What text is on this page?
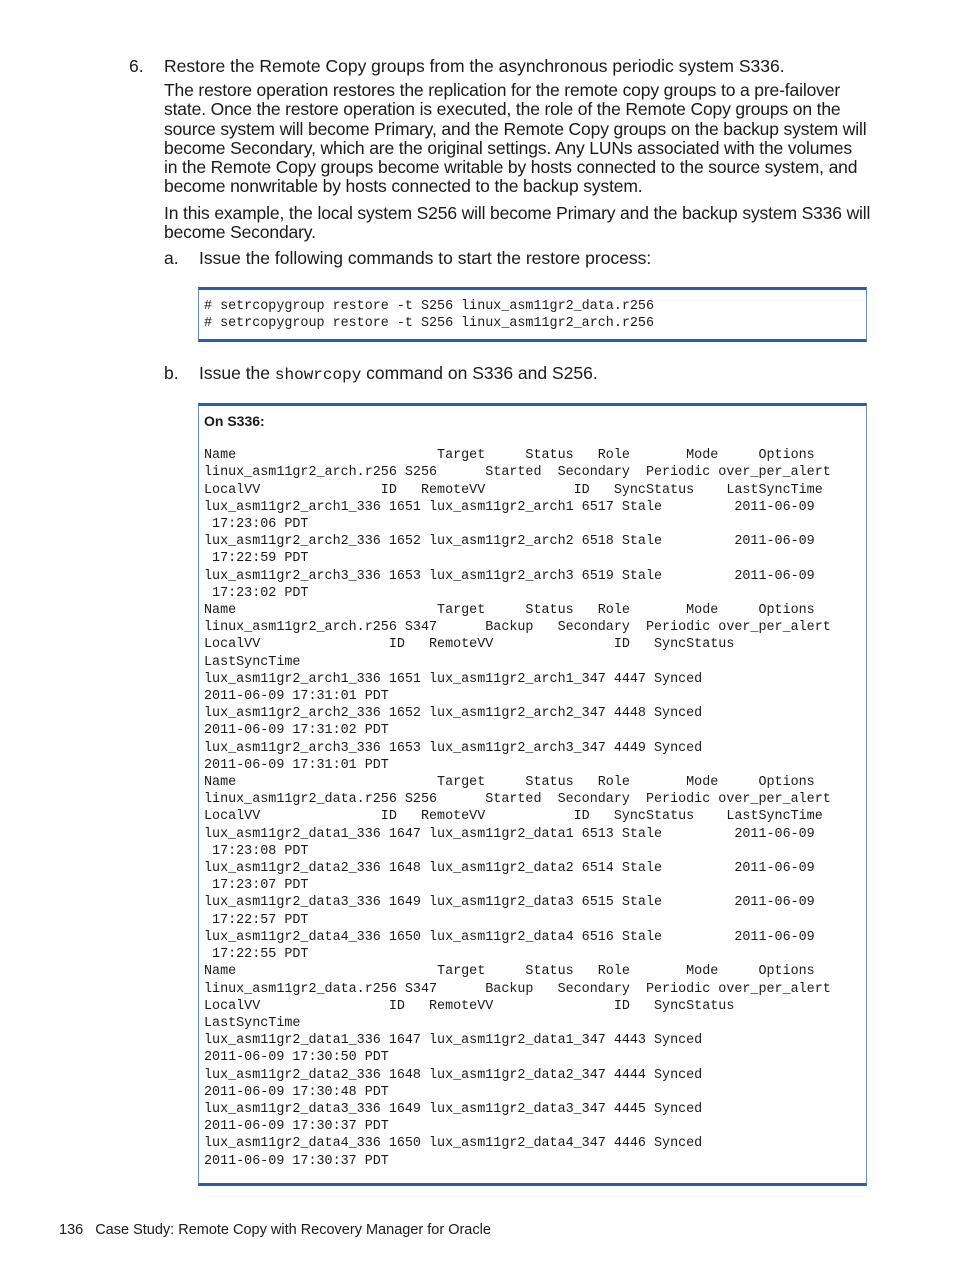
6. Restore the Remote Copy groups from the asynchronous periodic system S336.
The restore operation restores the replication for the remote copy groups to a pre-failover
state. Once the restore operation is executed, the role of the Remote Copy groups on the
source system will become Primary, and the Remote Copy groups on the backup system will
become Secondary, which are the original settings. Any LUNs associated with the volumes
in the Remote Copy groups become writable by hosts connected to the source system, and
become nonwritable by hosts connected to the backup system.
In this example, the local system S256 will become Primary and the backup system S336 will
become Secondary.
a. Issue the following commands to start the restore process:
# setrcopygroup restore -t S256 linux_asm11gr2_data.r256
# setrcopygroup restore -t S256 linux_asm11gr2_arch.r256
b. Issue the showrcopy command on S336 and S256.
On S336:

Name                         Target     Status   Role       Mode     Options
linux_asm11gr2_arch.r256 S256      Started  Secondary  Periodic over_per_alert
LocalVV               ID   RemoteVV           ID   SyncStatus    LastSyncTime
lux_asm11gr2_arch1_336 1651 lux_asm11gr2_arch1 6517 Stale         2011-06-09
17:23:06 PDT
lux_asm11gr2_arch2_336 1652 lux_asm11gr2_arch2 6518 Stale         2011-06-09
17:22:59 PDT
lux_asm11gr2_arch3_336 1653 lux_asm11gr2_arch3 6519 Stale         2011-06-09
17:23:02 PDT
Name                         Target     Status   Role       Mode     Options
linux_asm11gr2_arch.r256 S347      Backup   Secondary  Periodic over_per_alert
LocalVV                ID   RemoteVV               ID   SyncStatus
LastSyncTime
lux_asm11gr2_arch1_336 1651 lux_asm11gr2_arch1_347 4447 Synced
2011-06-09 17:31:01 PDT
lux_asm11gr2_arch2_336 1652 lux_asm11gr2_arch2_347 4448 Synced
2011-06-09 17:31:02 PDT
lux_asm11gr2_arch3_336 1653 lux_asm11gr2_arch3_347 4449 Synced
2011-06-09 17:31:01 PDT
Name                         Target     Status   Role       Mode     Options
linux_asm11gr2_data.r256 S256      Started  Secondary  Periodic over_per_alert
LocalVV               ID   RemoteVV           ID   SyncStatus    LastSyncTime
lux_asm11gr2_data1_336 1647 lux_asm11gr2_data1 6513 Stale         2011-06-09
17:23:08 PDT
lux_asm11gr2_data2_336 1648 lux_asm11gr2_data2 6514 Stale         2011-06-09
17:23:07 PDT
lux_asm11gr2_data3_336 1649 lux_asm11gr2_data3 6515 Stale         2011-06-09
17:22:57 PDT
lux_asm11gr2_data4_336 1650 lux_asm11gr2_data4 6516 Stale         2011-06-09
17:22:55 PDT
Name                         Target     Status   Role       Mode     Options
linux_asm11gr2_data.r256 S347      Backup   Secondary  Periodic over_per_alert
LocalVV                ID   RemoteVV               ID   SyncStatus
LastSyncTime
lux_asm11gr2_data1_336 1647 lux_asm11gr2_data1_347 4443 Synced
2011-06-09 17:30:50 PDT
lux_asm11gr2_data2_336 1648 lux_asm11gr2_data2_347 4444 Synced
2011-06-09 17:30:48 PDT
lux_asm11gr2_data3_336 1649 lux_asm11gr2_data3_347 4445 Synced
2011-06-09 17:30:37 PDT
lux_asm11gr2_data4_336 1650 lux_asm11gr2_data4_347 4446 Synced
2011-06-09 17:30:37 PDT
136 Case Study: Remote Copy with Recovery Manager for Oracle
